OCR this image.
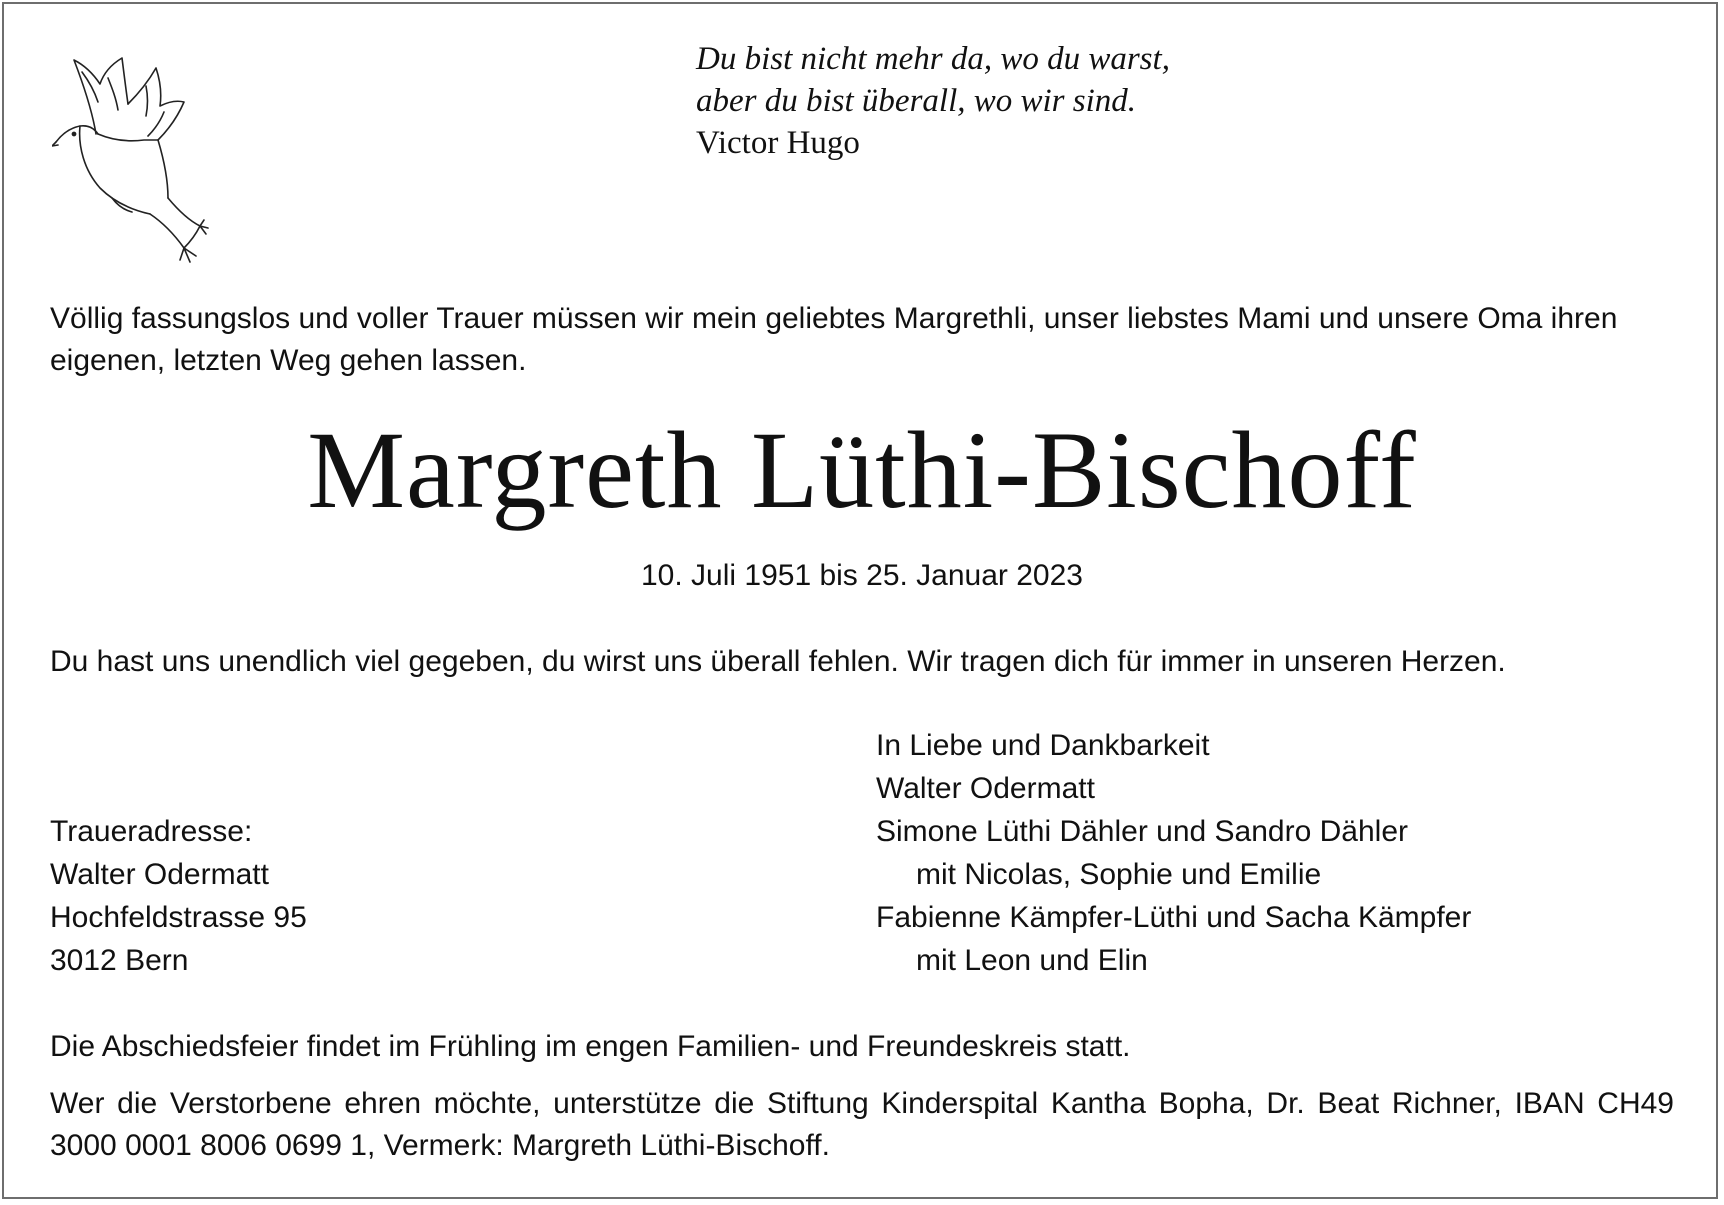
Du bist nicht mehr da, wo du warst,
aber du bist überall, wo wir sind.
Victor Hugo
Völlig fassungslos und voller Trauer müssen wir mein geliebtes Margrethli, unser liebstes Mami und unsere Oma ihren eigenen, letzten Weg gehen lassen.
Margreth Lüthi-Bischoff
10. Juli 1951 bis 25. Januar 2023
Du hast uns unendlich viel gegeben, du wirst uns überall fehlen. Wir tragen dich für immer in unseren Herzen.
Traueradresse:
Walter Odermatt
Hochfeldstrasse 95
3012 Bern
In Liebe und Dankbarkeit
Walter Odermatt
Simone Lüthi Dähler und Sandro Dähler
mit Nicolas, Sophie und Emilie
Fabienne Kämpfer-Lüthi und Sacha Kämpfer
mit Leon und Elin
Die Abschiedsfeier findet im Frühling im engen Familien- und Freundeskreis statt.
Wer die Verstorbene ehren möchte, unterstütze die Stiftung Kinderspital Kantha Bopha, Dr. Beat Richner, IBAN CH49 3000 0001 8006 0699 1, Vermerk: Margreth Lüthi-Bischoff.
